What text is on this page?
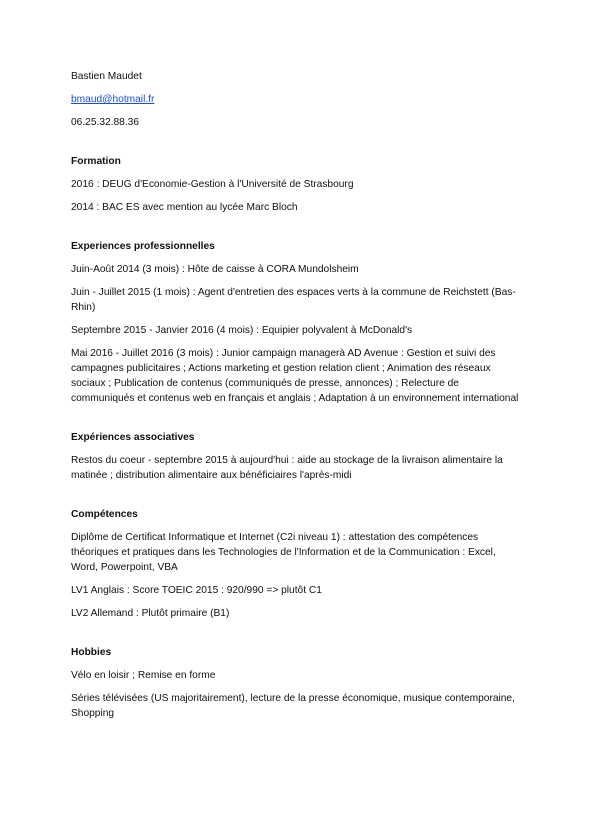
Bastien Maudet

bmaud@hotmail.fr

06.25.32.88.36

Formation

2016 : DEUG d'Economie-Gestion à l'Université de Strasbourg

2014 : BAC ES avec mention au lycée Marc Bloch

Experiences professionnelles

Juin-Août 2014 (3 mois) : Hôte de caisse à CORA Mundolsheim

Juin - Juillet 2015 (1 mois) : Agent d'entretien des espaces verts à la commune de Reichstett (Bas-Rhin)

Septembre 2015 - Janvier 2016 (4 mois) : Equipier polyvalent à McDonald's

Mai 2016 - Juillet 2016 (3 mois) : Junior campaign managerà AD Avenue : Gestion et suivi des campagnes publicitaires ; Actions marketing et gestion relation client ; Animation des réseaux sociaux ; Publication de contenus (communiqués de presse, annonces) ; Relecture de communiqués et contenus web en français et anglais ; Adaptation à un environnement international

Expériences associatives

Restos du coeur - septembre 2015 à aujourd'hui : aide au stockage de la livraison alimentaire la matinée ; distribution alimentaire aux bénéficiaires l'après-midi

Compétences

Diplôme de Certificat Informatique et Internet (C2i niveau 1) : attestation des compétences théoriques et pratiques dans les Technologies de l'Information et de la Communication : Excel, Word, Powerpoint, VBA

LV1 Anglais : Score TOEIC 2015 : 920/990 => plutôt C1

LV2 Allemand : Plutôt primaire (B1)

Hobbies

Vélo en loisir ; Remise en forme

Séries télévisées (US majoritairement), lecture de la presse économique, musique contemporaine, Shopping
